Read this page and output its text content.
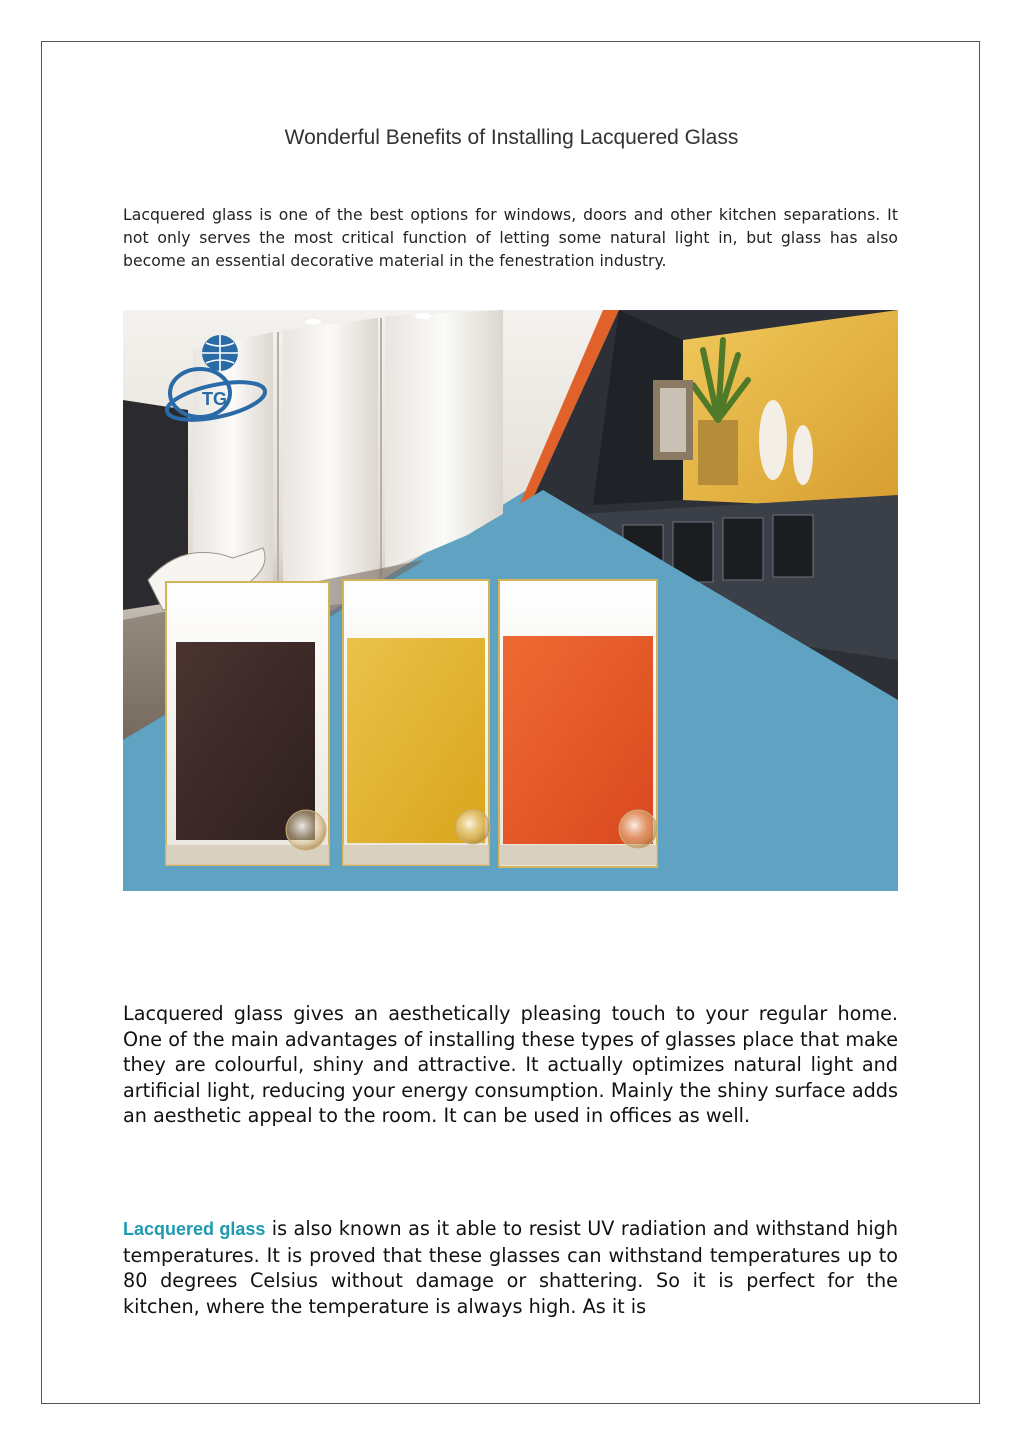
Wonderful Benefits of Installing Lacquered Glass

Lacquered glass is one of the best options for windows, doors and other kitchen separations. It not only serves the most critical function of letting some natural light in, but glass has also become an essential decorative material in the fenestration industry.

TG

Lacquered glass gives an aesthetically pleasing touch to your regular home. One of the main advantages of installing these types of glasses place that make they are colourful, shiny and attractive. It actually optimizes natural light and artificial light, reducing your energy consumption. Mainly the shiny surface adds an aesthetic appeal to the room. It can be used in offices as well.

Lacquered glass is also known as it able to resist UV radiation and withstand high temperatures. It is proved that these glasses can withstand temperatures up to 80 degrees Celsius without damage or shattering. So it is perfect for the kitchen, where the temperature is always high. As it is
